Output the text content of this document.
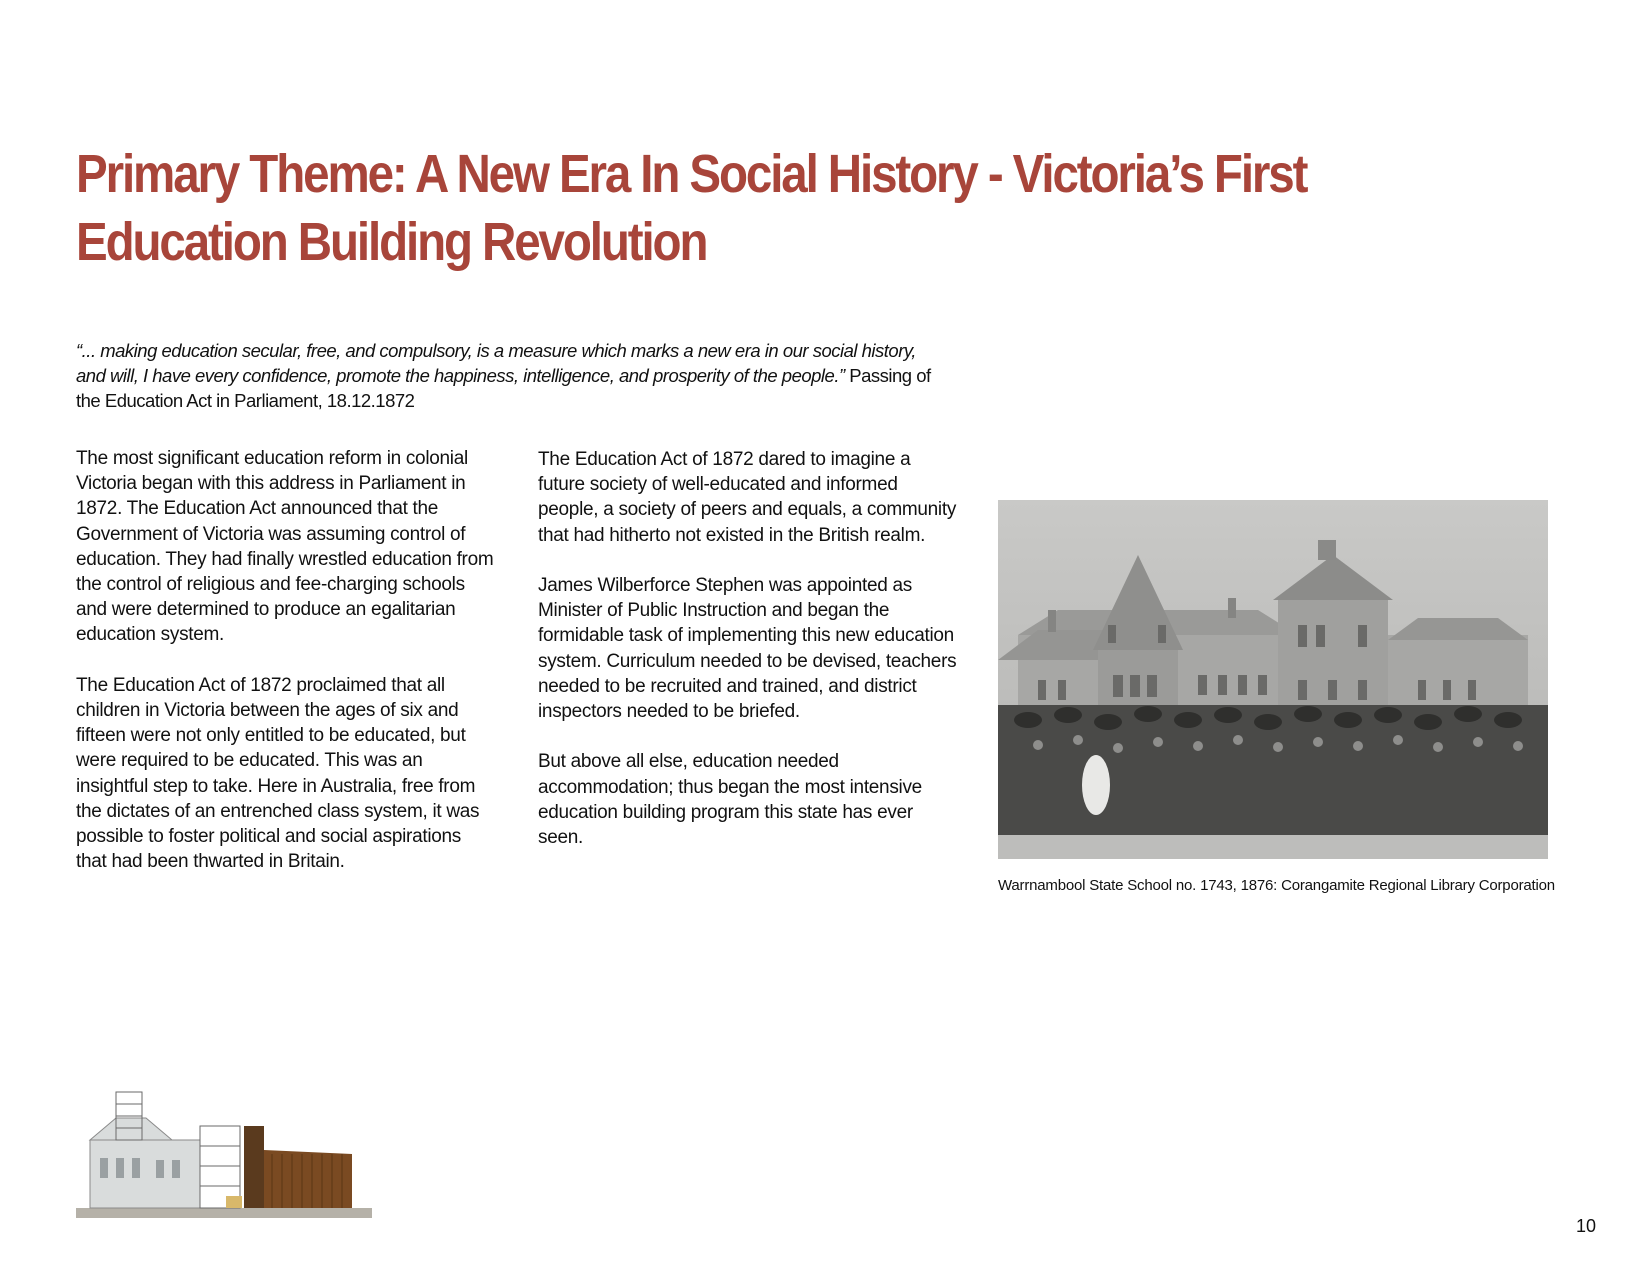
Primary Theme: A New Era In Social History - Victoria’s First Education Building Revolution

“... making education secular, free, and compulsory, is a measure which marks a new era in our social history, and will, I have every confidence, promote the happiness, intelligence, and prosperity of the people.” Passing of the Education Act in Parliament, 18.12.1872

The most significant education reform in colonial Victoria began with this address in Parliament in 1872. The Education Act announced that the Government of Victoria was assuming control of education. They had finally wrestled education from the control of religious and fee-charging schools and were determined to produce an egalitarian education system.

The Education Act of 1872 proclaimed that all children in Victoria between the ages of six and fifteen were not only entitled to be educated, but were required to be educated. This was an insightful step to take. Here in Australia, free from the dictates of an entrenched class system, it was possible to foster political and social aspirations that had been thwarted in Britain.

The Education Act of 1872 dared to imagine a future society of well-educated and informed people, a society of peers and equals, a community that had hitherto not existed in the British realm.

James Wilberforce Stephen was appointed as Minister of Public Instruction and began the formidable task of implementing this new education system. Curriculum needed to be devised, teachers needed to be recruited and trained, and district inspectors needed to be briefed.

But above all else, education needed accommodation; thus began the most intensive education building program this state has ever seen.

Warrnambool State School no. 1743, 1876: Corangamite Regional Library Corporation
10
